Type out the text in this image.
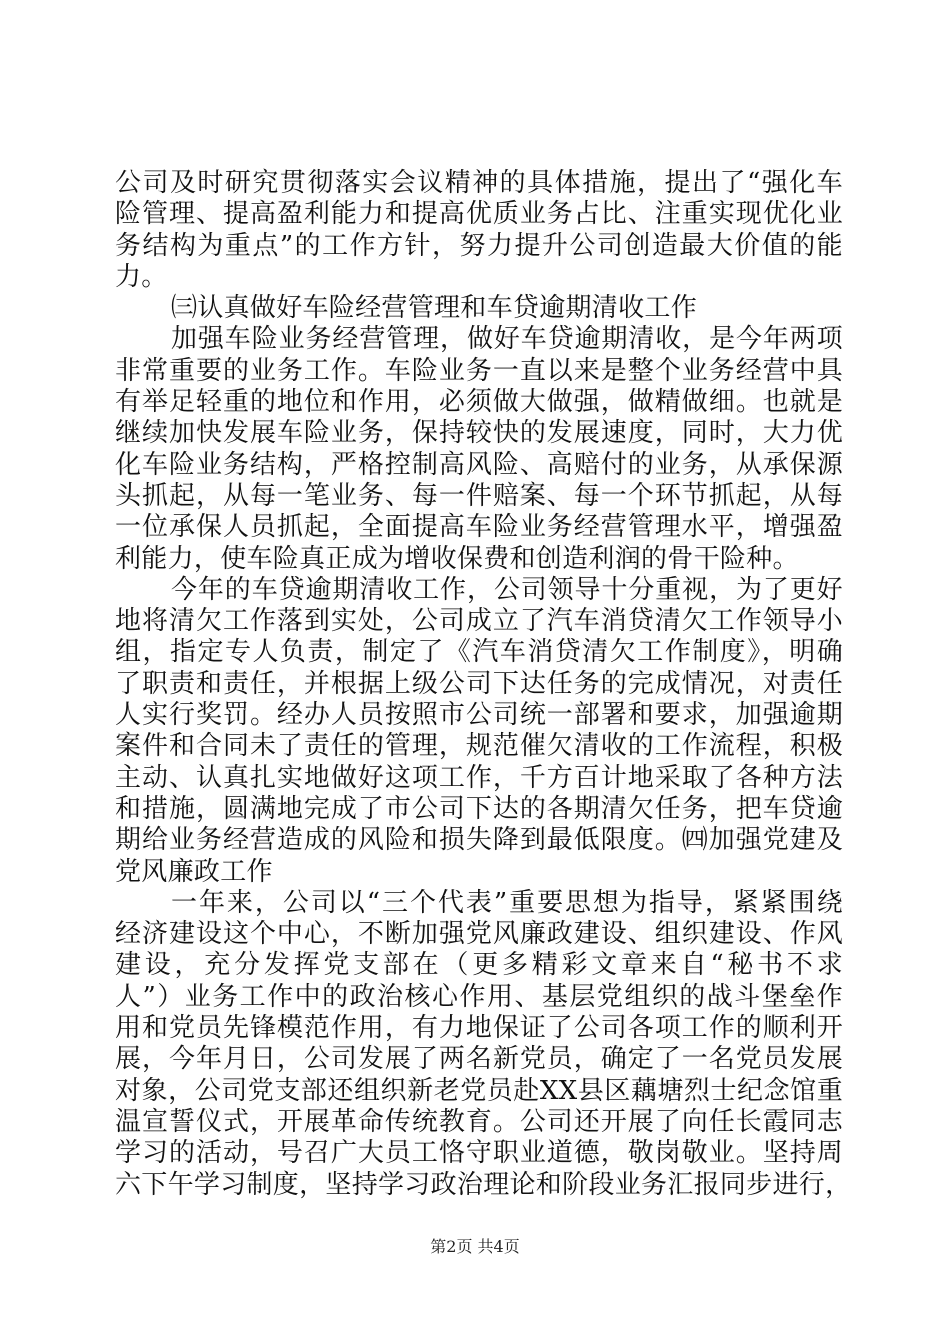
公司及时研究贯彻落实会议精神的具体措施，提出了“强化车
险管理、提高盈利能力和提高优质业务占比、注重实现优化业
务结构为重点”的工作方针，努力提升公司创造最大价值的能
力。
㈢认真做好车险经营管理和车贷逾期清收工作
加强车险业务经营管理，做好车贷逾期清收，是今年两项
非常重要的业务工作。车险业务一直以来是整个业务经营中具
有举足轻重的地位和作用，必须做大做强，做精做细。也就是
继续加快发展车险业务，保持较快的发展速度，同时，大力优
化车险业务结构，严格控制高风险、高赔付的业务，从承保源
头抓起，从每一笔业务、每一件赔案、每一个环节抓起，从每
一位承保人员抓起，全面提高车险业务经营管理水平，增强盈
利能力，使车险真正成为增收保费和创造利润的骨干险种。
今年的车贷逾期清收工作，公司领导十分重视，为了更好
地将清欠工作落到实处，公司成立了汽车消贷清欠工作领导小
组，指定专人负责，制定了《汽车消贷清欠工作制度》，明确
了职责和责任，并根据上级公司下达任务的完成情况，对责任
人实行奖罚。经办人员按照市公司统一部署和要求，加强逾期
案件和合同未了责任的管理，规范催欠清收的工作流程，积极
主动、认真扎实地做好这项工作，千方百计地采取了各种方法
和措施，圆满地完成了市公司下达的各期清欠任务，把车贷逾
期给业务经营造成的风险和损失降到最低限度。㈣加强党建及
党风廉政工作
一年来，公司以“三个代表”重要思想为指导，紧紧围绕
经济建设这个中心，不断加强党风廉政建设、组织建设、作风
建设，充分发挥党支部在（更多精彩文章来自“秘书不求
人”）业务工作中的政治核心作用、基层党组织的战斗堡垒作
用和党员先锋模范作用，有力地保证了公司各项工作的顺利开
展，今年月日，公司发展了两名新党员，确定了一名党员发展
对象，公司党支部还组织新老党员赴XX县区藕塘烈士纪念馆重
温宣誓仪式，开展革命传统教育。公司还开展了向任长霞同志
学习的活动，号召广大员工恪守职业道德，敬岗敬业。坚持周
六下午学习制度，坚持学习政治理论和阶段业务汇报同步进行，
第2页 共4页
